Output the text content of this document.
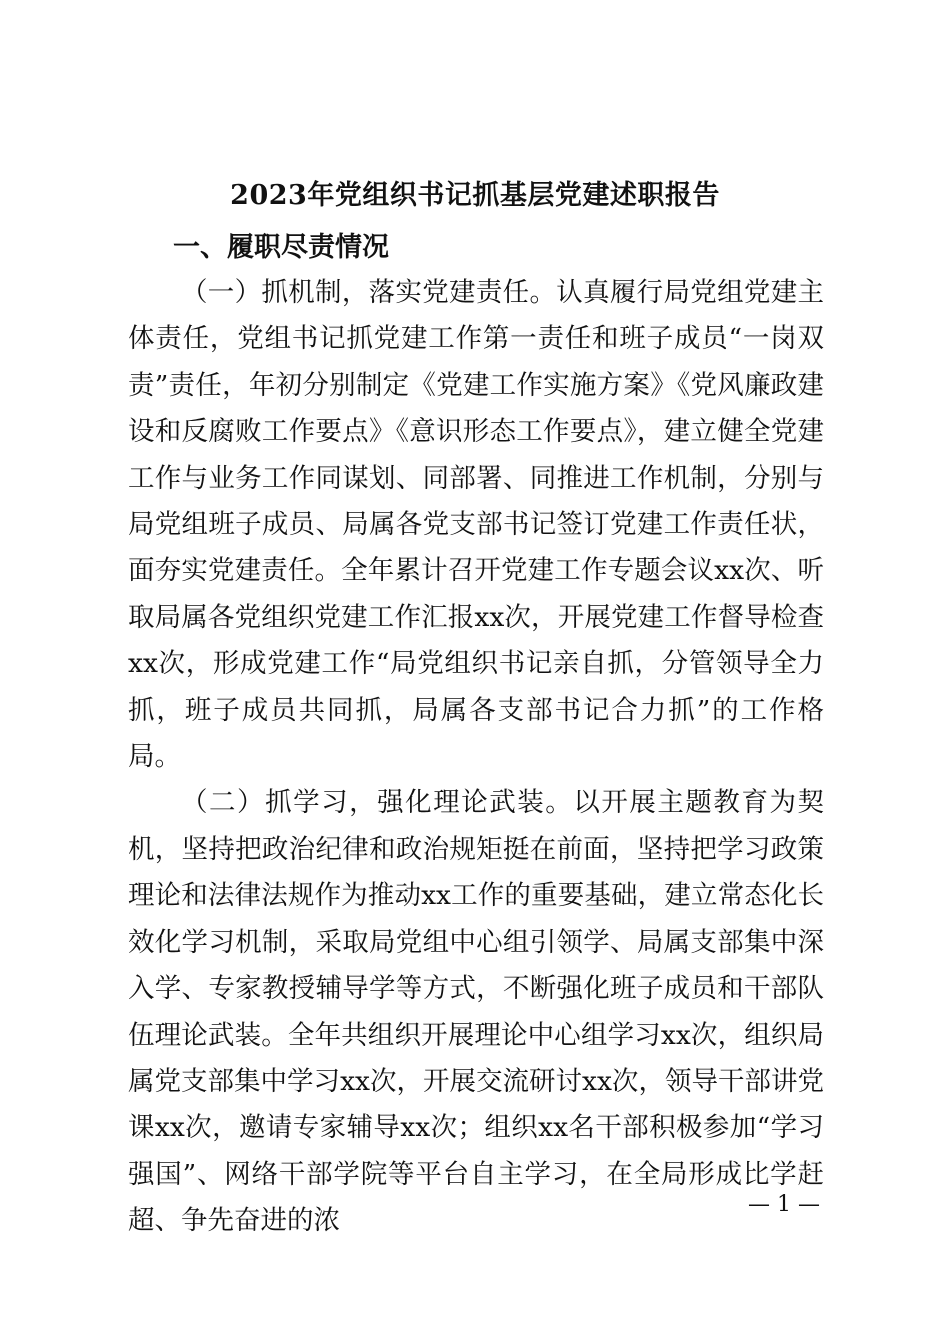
2023年党组织书记抓基层党建述职报告
一、履职尽责情况

（一）抓机制，落实党建责任。认真履行局党组党建主体责任，党组书记抓党建工作第一责任和班子成员“一岗双责”责任，年初分别制定《党建工作实施方案》《党风廉政建设和反腐败工作要点》《意识形态工作要点》，建立健全党建工作与业务工作同谋划、同部署、同推进工作机制，分别与局党组班子成员、局属各党支部书记签订党建工作责任状，面夯实党建责任。全年累计召开党建工作专题会议xx次、听取局属各党组织党建工作汇报xx次，开展党建工作督导检查xx次，形成党建工作“局党组织书记亲自抓，分管领导全力抓，班子成员共同抓，局属各支部书记合力抓”的工作格局。

（二）抓学习，强化理论武装。以开展主题教育为契机，坚持把政治纪律和政治规矩挺在前面，坚持把学习政策理论和法律法规作为推动xx工作的重要基础，建立常态化长效化学习机制，采取局党组中心组引领学、局属支部集中深入学、专家教授辅导学等方式，不断强化班子成员和干部队伍理论武装。全年共组织开展理论中心组学习xx次，组织局属党支部集中学习xx次，开展交流研讨xx次，领导干部讲党课xx次，邀请专家辅导xx次；组织xx名干部积极参加“学习强国”、网络干部学院等平台自主学习，在全局形成比学赶超、争先奋进的浓

— 1 —
